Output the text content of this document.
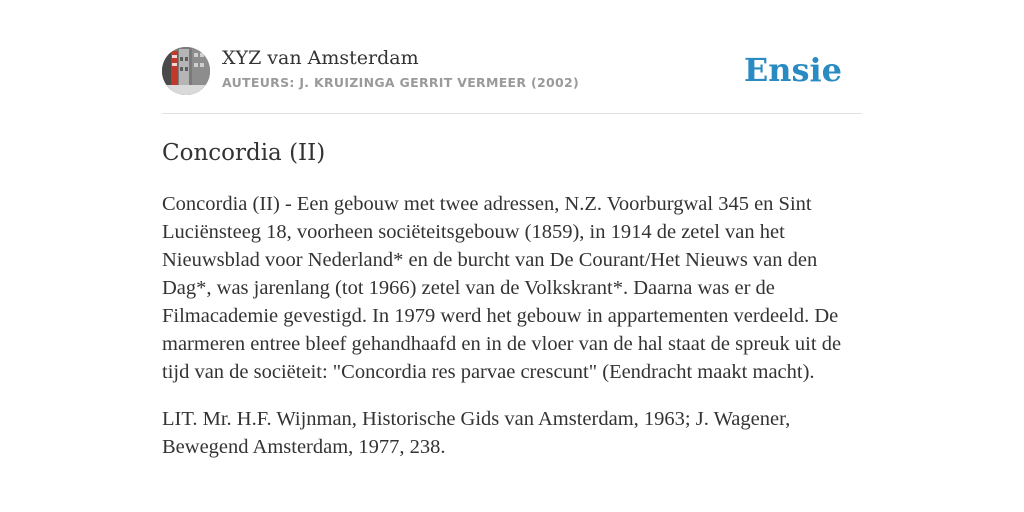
XYZ van Amsterdam
AUTEURS: J. KRUIZINGA GERRIT VERMEER (2002)	Ensie
Concordia (II)

Concordia (II) - Een gebouw met twee adressen, N.Z. Voorburgwal 345 en Sint Luciënsteeg 18, voorheen sociëteitsgebouw (1859), in 1914 de zetel van het Nieuwsblad voor Nederland* en de burcht van De Courant/Het Nieuws van den Dag*, was jarenlang (tot 1966) zetel van de Volkskrant*. Daarna was er de Filmacademie gevestigd. In 1979 werd het gebouw in appartementen verdeeld. De marmeren entree bleef gehandhaafd en in de vloer van de hal staat de spreuk uit de tijd van de sociëteit: "Concordia res parvae crescunt" (Eendracht maakt macht).

LIT. Mr. H.F. Wijnman, Historische Gids van Amsterdam, 1963; J. Wagener, Bewegend Amsterdam, 1977, 238.
